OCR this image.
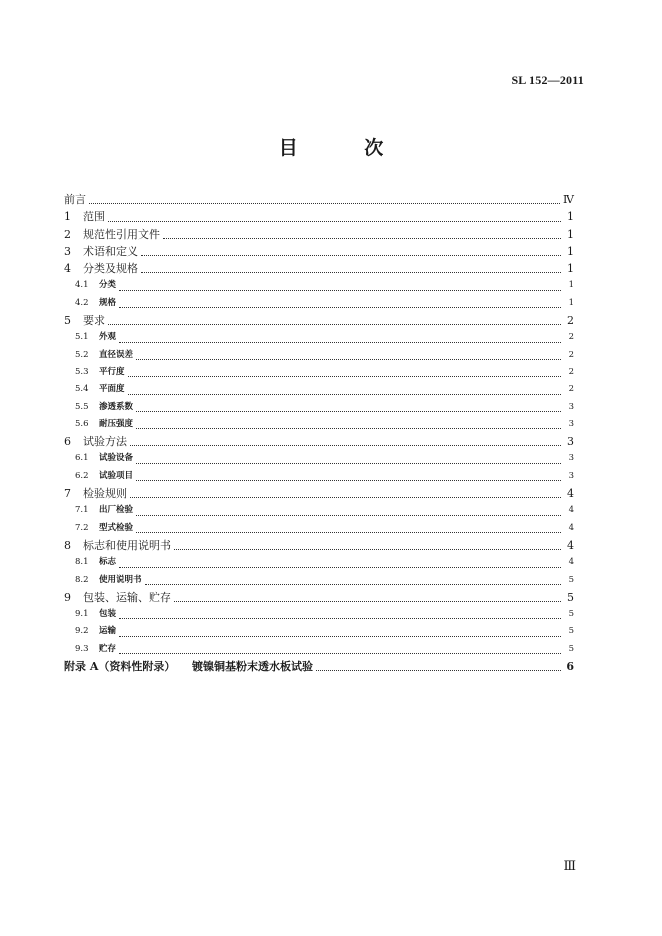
SL 152—2011
目 次
前言	Ⅳ
1	范围	1
2	规范性引用文件	1
3	术语和定义	1
4	分类及规格	1
4.1	分类	1
4.2	规格	1
5	要求	2
5.1	外观	2
5.2	直径误差	2
5.3	平行度	2
5.4	平面度	2
5.5	渗透系数	3
5.6	耐压强度	3
6	试验方法	3
6.1	试验设备	3
6.2	试验项目	3
7	检验规则	4
7.1	出厂检验	4
7.2	型式检验	4
8	标志和使用说明书	4
8.1	标志	4
8.2	使用说明书	5
9	包装、运输、贮存	5
9.1	包装	5
9.2	运输	5
9.3	贮存	5
附录 A（资料性附录）	镀镍铜基粉末透水板试验	6
Ⅲ
